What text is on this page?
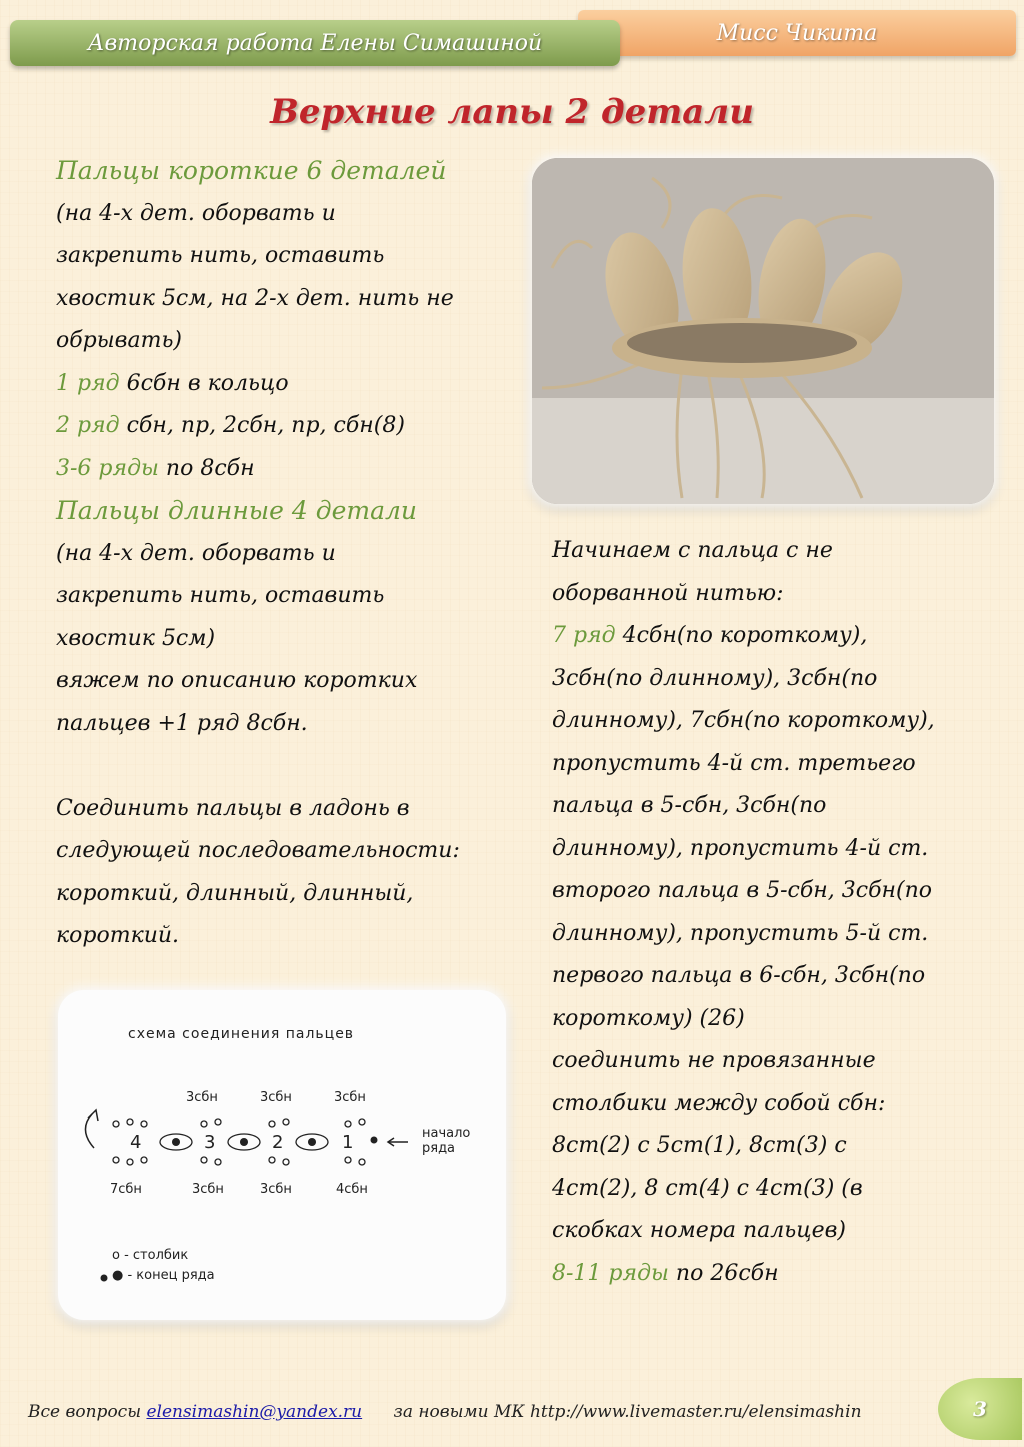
Мисс Чикита
Авторская работа Елены Симашиной
Верхние лапы 2 детали

Пальцы короткие 6 деталей

(на 4-х дет. оборвать и

закрепить нить, оставить

хвостик 5см, на 2-х дет. нить не

обрывать)

1 ряд 6сбн в кольцо

2 ряд сбн, пр, 2сбн, пр, сбн(8)

3-6 ряды по 8сбн

Пальцы длинные 4 детали

(на 4-х дет. оборвать и

закрепить нить, оставить

хвостик 5см)

вяжем по описанию коротких

пальцев +1 ряд 8сбн.

Соединить пальцы в ладонь в

следующей последовательности:

короткий, длинный, длинный,

короткий.

Начинаем с пальца с не

оборванной нитью:

7 ряд 4сбн(по короткому),

3сбн(по длинному), 3сбн(по

длинному), 7сбн(по короткому),

пропустить 4-й ст. третьего

пальца в 5-сбн, 3сбн(по

длинному), пропустить 4-й ст.

второго пальца в 5-сбн, 3сбн(по

длинному), пропустить 5-й ст.

первого пальца в 6-сбн, 3сбн(по

короткому) (26)

соединить не провязанные

столбики между собой сбн:

8ст(2) с 5ст(1), 8ст(3) с

4ст(2), 8 ст(4) с 4ст(3) (в

скобках номера пальцев)

8-11 ряды по 26сбн

схема соединения пальцев
3сбн	3сбн	3сбн
7сбн	3сбн	3сбн	4сбн
начало
ряда
о - столбик
● - конец ряда
4	3	2	1
Все вопросы elensimashin@yandex.ru за новыми МК http://www.livemaster.ru/elensimashin	3
